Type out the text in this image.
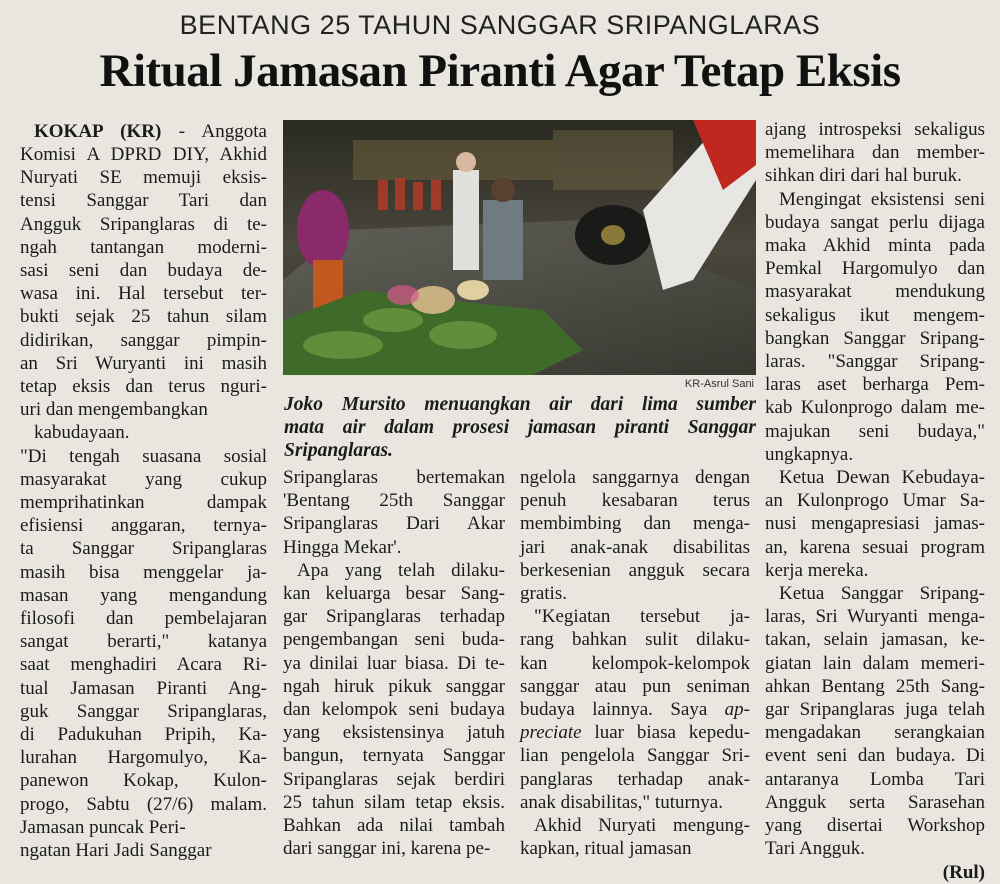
BENTANG 25 TAHUN SANGGAR SRIPANGLARAS
Ritual Jamasan Piranti Agar Tetap Eksis
KOKAP (KR) - Anggota
Komisi A DPRD DIY, Akhid
Nuryati SE memuji eksis-
tensi Sanggar Tari dan
Angguk Sripanglaras di te-
ngah tantangan moderni-
sasi seni dan budaya de-
wasa ini. Hal tersebut ter-
bukti sejak 25 tahun silam
didirikan, sanggar pimpin-
an Sri Wuryanti ini masih
tetap eksis dan terus nguri-
uri dan mengembangkan
kabudayaan.
"Di tengah suasana sosial
masyarakat yang cukup
memprihatinkan dampak
efisiensi anggaran, ternya-
ta Sanggar Sripanglaras
masih bisa menggelar ja-
masan yang mengandung
filosofi dan pembelajaran
sangat berarti," katanya
saat menghadiri Acara Ri-
tual Jamasan Piranti Ang-
guk Sanggar Sripanglaras,
di Padukuhan Pripih, Ka-
lurahan Hargomulyo, Ka-
panewon Kokap, Kulon-
progo, Sabtu (27/6) malam.
Jamasan puncak Peri-
ngatan Hari Jadi Sanggar
KR-Asrul Sani
Joko Mursito menuangkan air dari lima sumber
mata air dalam prosesi jamasan piranti Sanggar
Sripanglaras.
Sripanglaras bertemakan
'Bentang 25th Sanggar
Sripanglaras Dari Akar
Hingga Mekar'.
Apa yang telah dilaku-
kan keluarga besar Sang-
gar Sripanglaras terhadap
pengembangan seni buda-
ya dinilai luar biasa. Di te-
ngah hiruk pikuk sanggar
dan kelompok seni budaya
yang eksistensinya jatuh
bangun, ternyata Sanggar
Sripanglaras sejak berdiri
25 tahun silam tetap eksis.
Bahkan ada nilai tambah
dari sanggar ini, karena pe-
ngelola sanggarnya dengan
penuh kesabaran terus
membimbing dan menga-
jari anak-anak disabilitas
berkesenian angguk secara
gratis.
"Kegiatan tersebut ja-
rang bahkan sulit dilaku-
kan kelompok-kelompok
sanggar atau pun seniman
budaya lainnya. Saya ap-
preciate luar biasa kepedu-
lian pengelola Sanggar Sri-
panglaras terhadap anak-
anak disabilitas," tuturnya.
Akhid Nuryati mengung-
kapkan, ritual jamasan
ajang introspeksi sekaligus
memelihara dan member-
sihkan diri dari hal buruk.
Mengingat eksistensi seni
budaya sangat perlu dijaga
maka Akhid minta pada
Pemkal Hargomulyo dan
masyarakat mendukung
sekaligus ikut mengem-
bangkan Sanggar Sripang-
laras. "Sanggar Sripang-
laras aset berharga Pem-
kab Kulonprogo dalam me-
majukan seni budaya,"
ungkapnya.
Ketua Dewan Kebudaya-
an Kulonprogo Umar Sa-
nusi mengapresiasi jamas-
an, karena sesuai program
kerja mereka.
Ketua Sanggar Sripang-
laras, Sri Wuryanti menga-
takan, selain jamasan, ke-
giatan lain dalam memeri-
ahkan Bentang 25th Sang-
gar Sripanglaras juga telah
mengadakan serangkaian
event seni dan budaya. Di
antaranya Lomba Tari
Angguk serta Sarasehan
yang disertai Workshop
Tari Angguk.
(Rul)
